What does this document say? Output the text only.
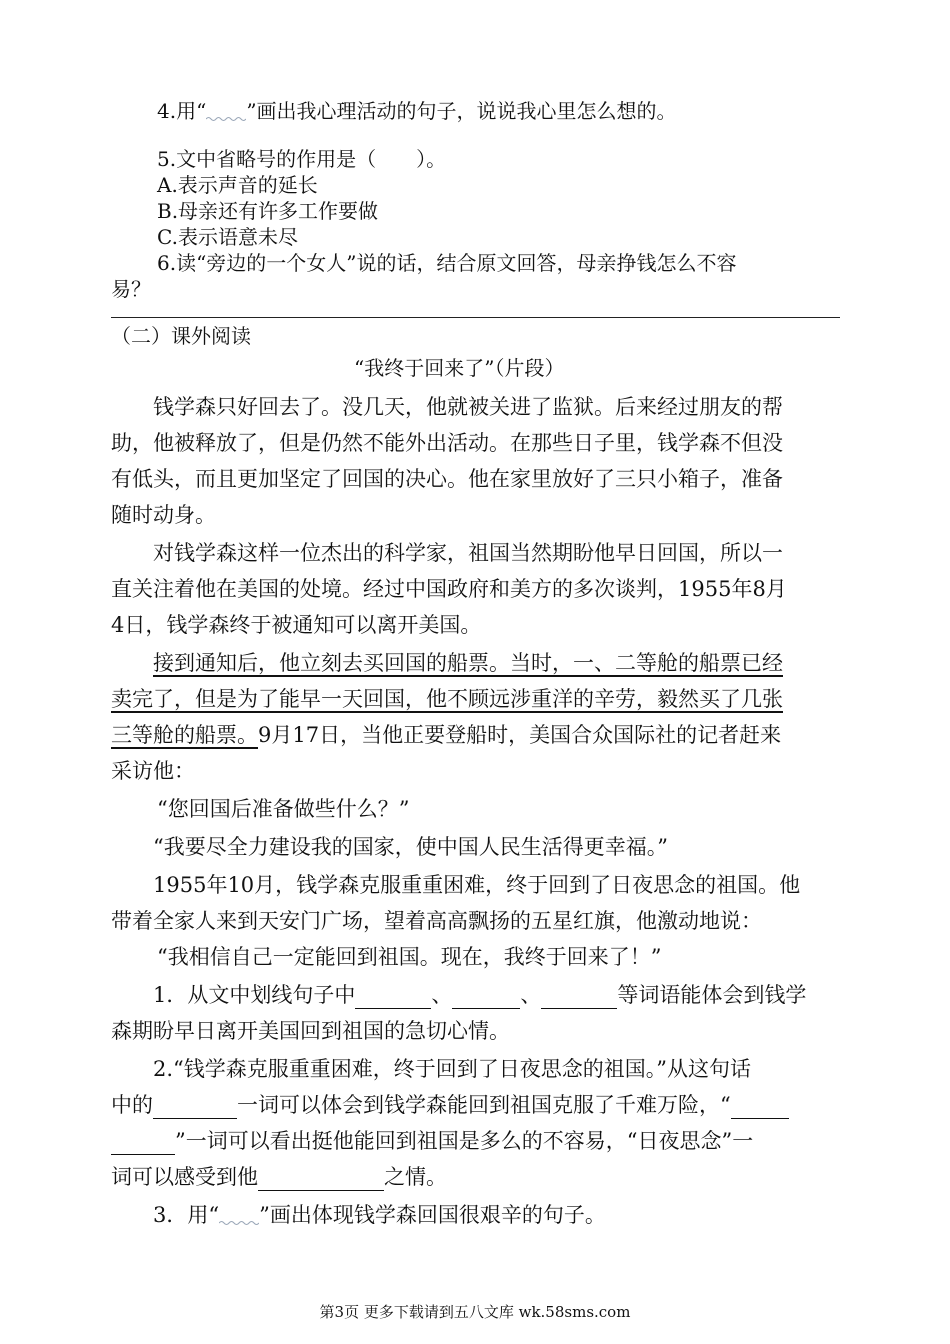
4.用“ ”画出我心理活动的句子，说说我心里怎么想的。
5.文中省略号的作用是（　　）。
A.表示声音的延长
B.母亲还有许多工作要做
C.表示语意未尽
6.读“旁边的一个女人”说的话，结合原文回答，母亲挣钱怎么不容
易？
（二）课外阅读
“我终于回来了”（片段）
钱学森只好回去了。没几天，他就被关进了监狱。后来经过朋友的帮
助，他被释放了，但是仍然不能外出活动。在那些日子里，钱学森不但没
有低头，而且更加坚定了回国的决心。他在家里放好了三只小箱子，准备
随时动身。
对钱学森这样一位杰出的科学家，祖国当然期盼他早日回国，所以一
直关注着他在美国的处境。经过中国政府和美方的多次谈判，1955年8月
4日，钱学森终于被通知可以离开美国。
接到通知后，他立刻去买回国的船票。当时，一、二等舱的船票已经
卖完了，但是为了能早一天回国，他不顾远涉重洋的辛劳，毅然买了几张
三等舱的船票。9月17日，当他正要登船时，美国合众国际社的记者赶来
采访他：
“您回国后准备做些什么？”
“我要尽全力建设我的国家，使中国人民生活得更幸福。”
1955年10月，钱学森克服重重困难，终于回到了日夜思念的祖国。他
带着全家人来到天安门广场，望着高高飘扬的五星红旗，他激动地说：
“我相信自己一定能回到祖国。现在，我终于回来了！”
1．从文中划线句子中	、	、	等词语能体会到钱学
森期盼早日离开美国回到祖国的急切心情。
2.“钱学森克服重重困难，终于回到了日夜思念的祖国。”从这句话
中的	一词可以体会到钱学森能回到祖国克服了千难万险，“
”一词可以看出挺他能回到祖国是多么的不容易，“日夜思念”一
词可以感受到他	之情。
3．用“ ”画出体现钱学森回国很艰辛的句子。
第3页 更多下载请到五八文库 wk.58sms.com
